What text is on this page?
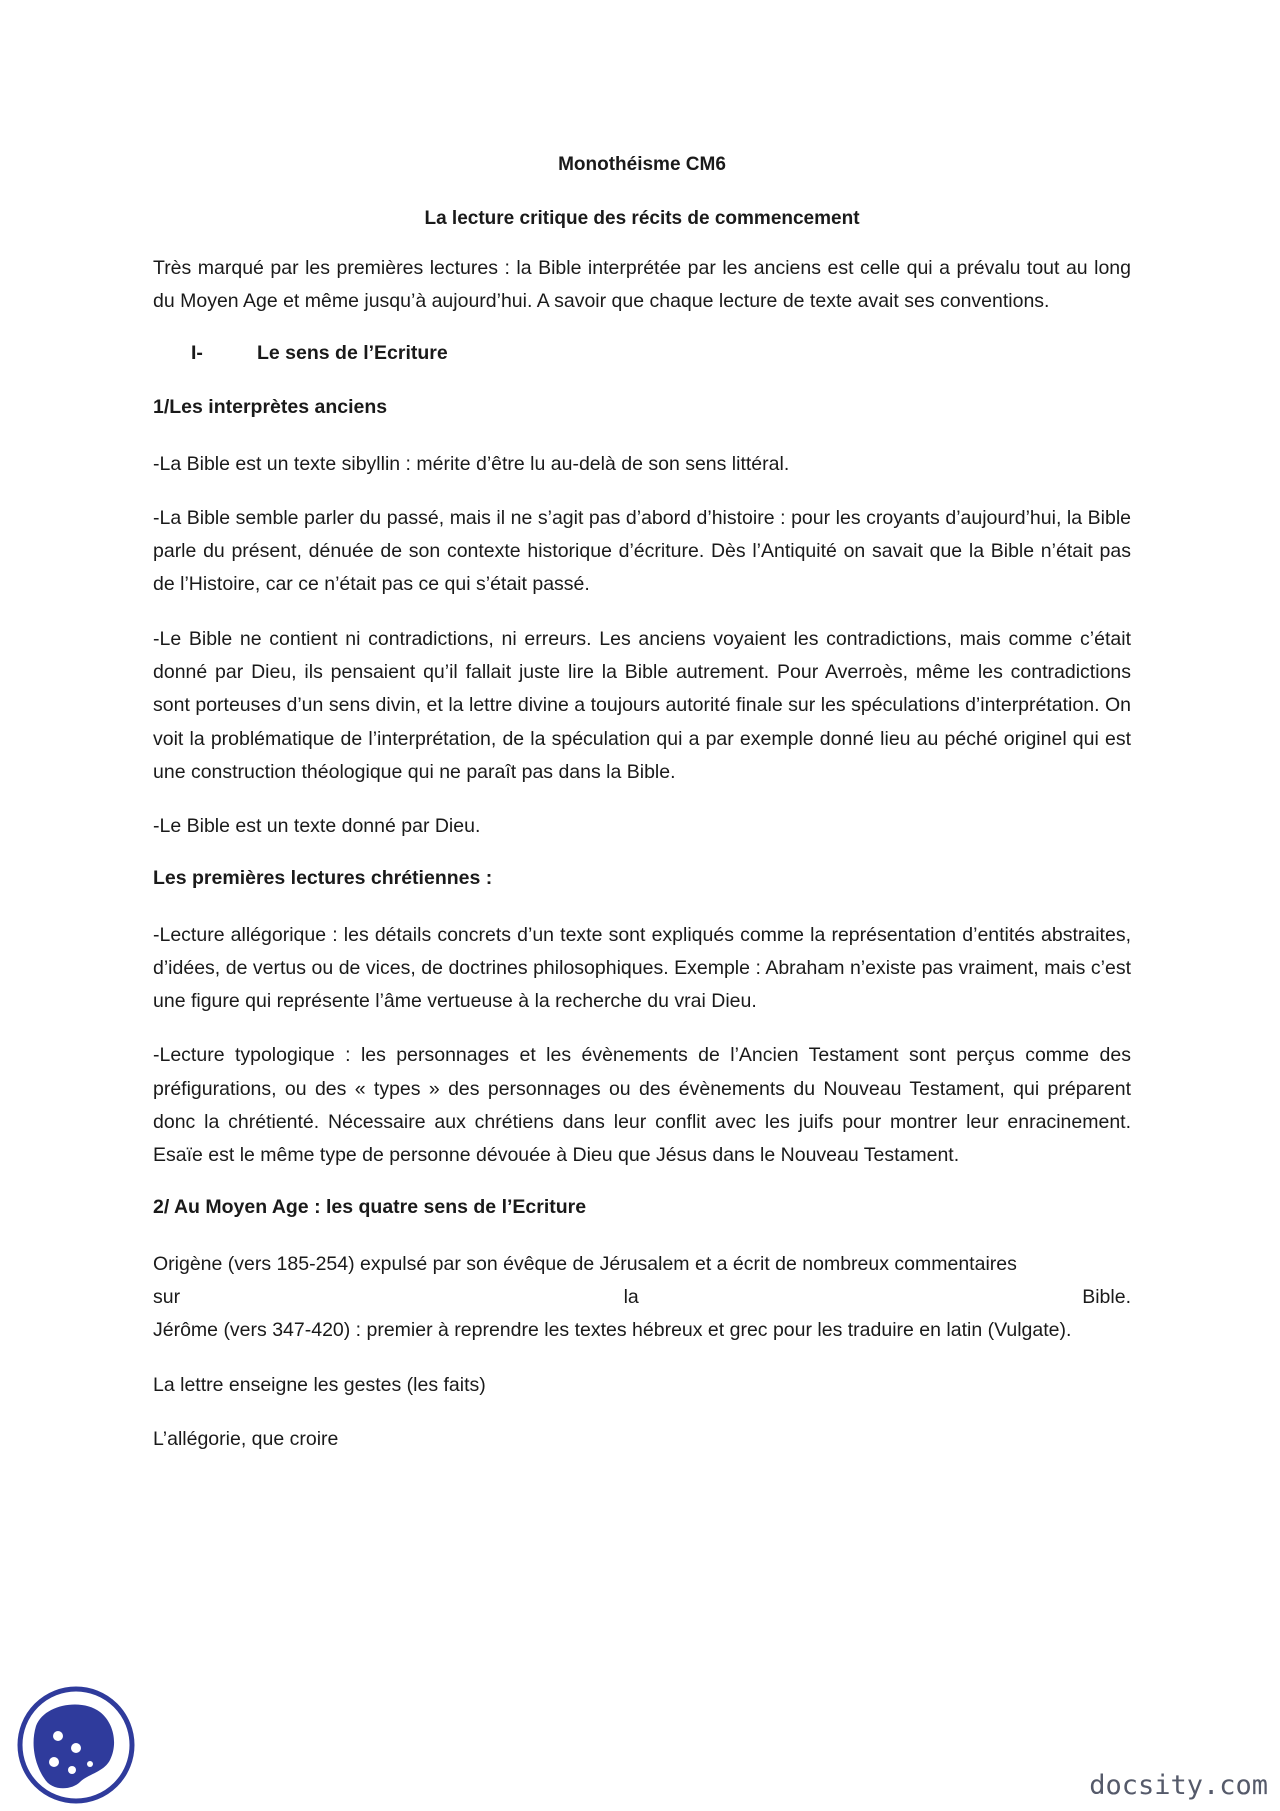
Monothéisme CM6
La lecture critique des récits de commencement

Très marqué par les premières lectures : la Bible interprétée par les anciens est celle qui a prévalu tout au long du Moyen Age et même jusqu’à aujourd’hui. A savoir que chaque lecture de texte avait ses conventions.

I-	Le sens de l’Ecriture
1/Les interprètes anciens

-La Bible est un texte sibyllin : mérite d’être lu au-delà de son sens littéral.

-La Bible semble parler du passé, mais il ne s’agit pas d’abord d’histoire : pour les croyants d’aujourd’hui, la Bible parle du présent, dénuée de son contexte historique d’écriture. Dès l’Antiquité on savait que la Bible n’était pas de l’Histoire, car ce n’était pas ce qui s’était passé.

-Le Bible ne contient ni contradictions, ni erreurs. Les anciens voyaient les contradictions, mais comme c’était donné par Dieu, ils pensaient qu’il fallait juste lire la Bible autrement. Pour Averroès, même les contradictions sont porteuses d’un sens divin, et la lettre divine a toujours autorité finale sur les spéculations d’interprétation. On voit la problématique de l’interprétation, de la spéculation qui a par exemple donné lieu au péché originel qui est une construction théologique qui ne paraît pas dans la Bible.

-Le Bible est un texte donné par Dieu.

Les premières lectures chrétiennes :

-Lecture allégorique : les détails concrets d’un texte sont expliqués comme la représentation d’entités abstraites, d’idées, de vertus ou de vices, de doctrines philosophiques. Exemple : Abraham n’existe pas vraiment, mais c’est une figure qui représente l’âme vertueuse à la recherche du vrai Dieu.

-Lecture typologique : les personnages et les évènements de l’Ancien Testament sont perçus comme des préfigurations, ou des « types » des personnages ou des évènements du Nouveau Testament, qui préparent donc la chrétienté. Nécessaire aux chrétiens dans leur conflit avec les juifs pour montrer leur enracinement. Esaïe est le même type de personne dévouée à Dieu que Jésus dans le Nouveau Testament.

2/ Au Moyen Age : les quatre sens de l’Ecriture

Origène (vers 185-254) expulsé par son évêque de Jérusalem et a écrit de nombreux commentaires
sur	la	Bible.
Jérôme (vers 347-420) : premier à reprendre les textes hébreux et grec pour les traduire en latin (Vulgate).

La lettre enseigne les gestes (les faits)

L’allégorie, que croire

docsity.com
